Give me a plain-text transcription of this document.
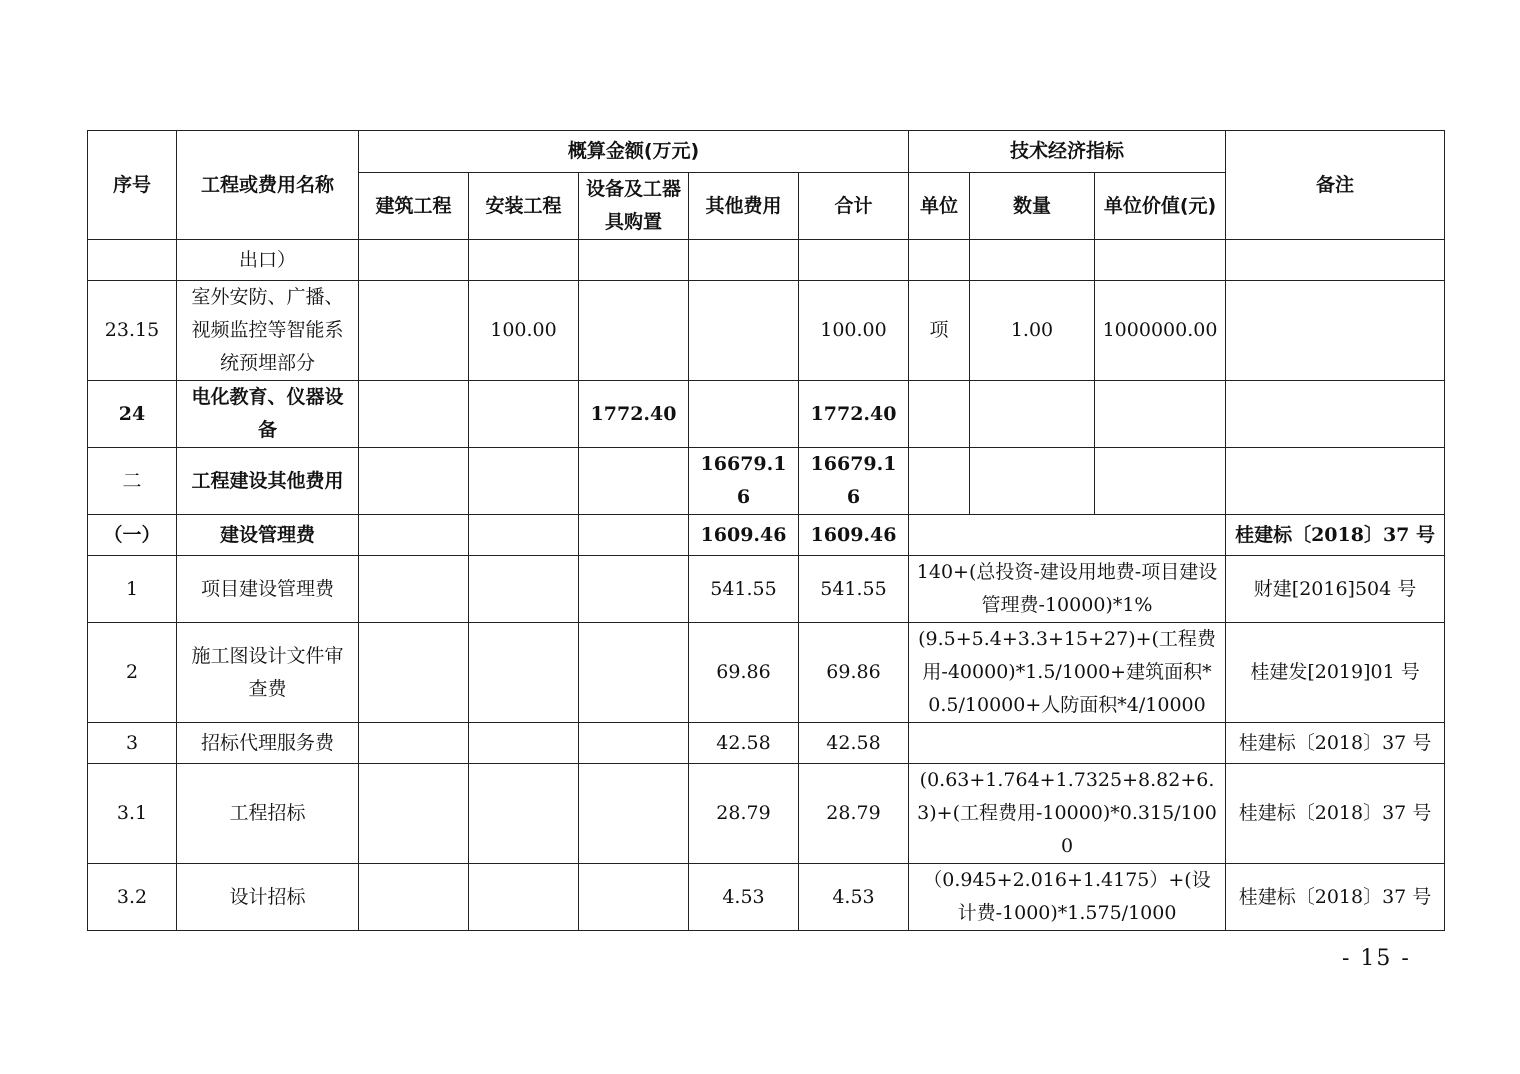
序号	工程或费用名称	概算金额(万元)					技术经济指标			备注
		建筑工程	安装工程	设备及工器具购置	其他费用	合计	单位	数量	单位价值(元)	
	出口）									
23.15	室外安防、广播、视频监控等智能系统预埋部分		100.00			100.00	项	1.00	1000000.00	
24	电化教育、仪器设备			1772.40		1772.40				
二	工程建设其他费用				16679.16	16679.16				
（一）	建设管理费				1609.46	1609.46				桂建标〔2018〕37 号
1	项目建设管理费				541.55	541.55	140+(总投资-建设用地费-项目建设管理费-10000)*1%			财建[2016]504 号
2	施工图设计文件审查费				69.86	69.86	(9.5+5.4+3.3+15+27)+(工程费用-40000)*1.5/1000+建筑面积*0.5/10000+人防面积*4/10000			桂建发[2019]01 号
3	招标代理服务费				42.58	42.58				桂建标〔2018〕37 号
3.1	工程招标				28.79	28.79	(0.63+1.764+1.7325+8.82+6.3)+(工程费用-10000)*0.315/1000			桂建标〔2018〕37 号
3.2	设计招标				4.53	4.53	（0.945+2.016+1.4175）+(设计费-1000)*1.575/1000			桂建标〔2018〕37 号
- 15 -
